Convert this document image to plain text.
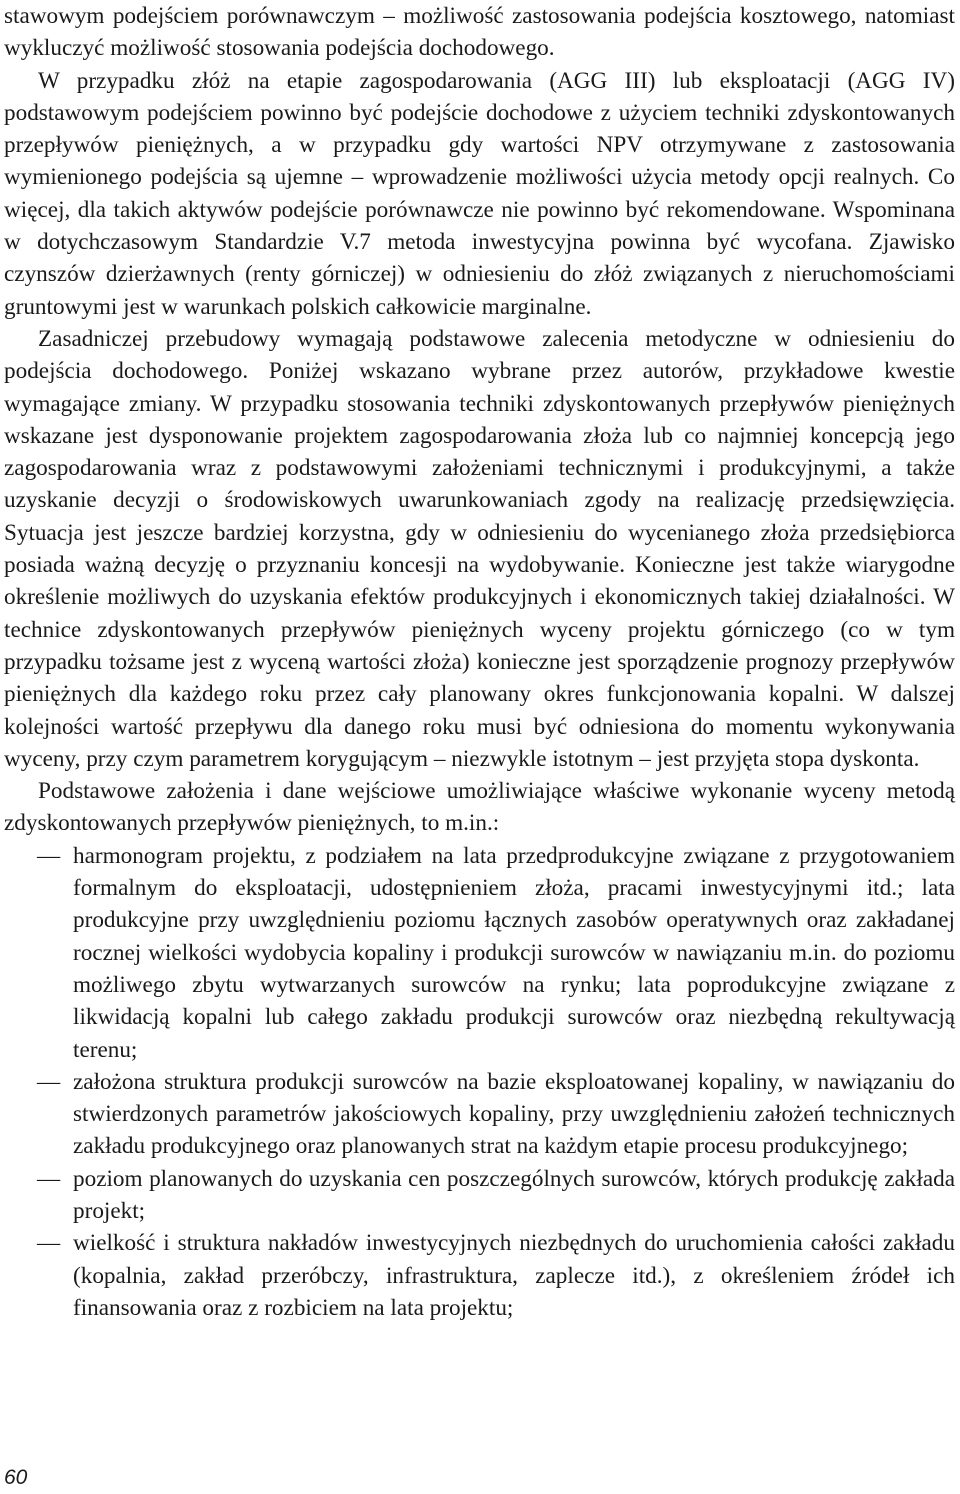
stawowym podejściem porównawczym – możliwość zastosowania podejścia kosztowego, natomiast wykluczyć możliwość stosowania podejścia dochodowego.

W przypadku złóż na etapie zagospodarowania (AGG III) lub eksploatacji (AGG IV) podstawowym podejściem powinno być podejście dochodowe z użyciem techniki zdyskontowanych przepływów pieniężnych, a w przypadku gdy wartości NPV otrzymywane z zastosowania wymienionego podejścia są ujemne – wprowadzenie możliwości użycia metody opcji realnych. Co więcej, dla takich aktywów podejście porównawcze nie powinno być rekomendowane. Wspominana w dotychczasowym Standardzie V.7 metoda inwestycyjna powinna być wycofana. Zjawisko czynszów dzierżawnych (renty górniczej) w odniesieniu do złóż związanych z nieruchomościami gruntowymi jest w warunkach polskich całkowicie marginalne.

Zasadniczej przebudowy wymagają podstawowe zalecenia metodyczne w odniesieniu do podejścia dochodowego. Poniżej wskazano wybrane przez autorów, przykładowe kwestie wymagające zmiany. W przypadku stosowania techniki zdyskontowanych przepływów pieniężnych wskazane jest dysponowanie projektem zagospodarowania złoża lub co najmniej koncepcją jego zagospodarowania wraz z podstawowymi założeniami technicznymi i produkcyjnymi, a także uzyskanie decyzji o środowiskowych uwarunkowaniach zgody na realizację przedsięwzięcia. Sytuacja jest jeszcze bardziej korzystna, gdy w odniesieniu do wycenianego złoża przedsiębiorca posiada ważną decyzję o przyznaniu koncesji na wydobywanie. Konieczne jest także wiarygodne określenie możliwych do uzyskania efektów produkcyjnych i ekonomicznych takiej działalności. W technice zdyskontowanych przepływów pieniężnych wyceny projektu górniczego (co w tym przypadku tożsame jest z wyceną wartości złoża) konieczne jest sporządzenie prognozy przepływów pieniężnych dla każdego roku przez cały planowany okres funkcjonowania kopalni. W dalszej kolejności wartość przepływu dla danego roku musi być odniesiona do momentu wykonywania wyceny, przy czym parametrem korygującym – niezwykle istotnym – jest przyjęta stopa dyskonta.

Podstawowe założenia i dane wejściowe umożliwiające właściwe wykonanie wyceny metodą zdyskontowanych przepływów pieniężnych, to m.in.:

— harmonogram projektu, z podziałem na lata przedprodukcyjne związane z przygotowaniem formalnym do eksploatacji, udostępnieniem złoża, pracami inwestycyjnymi itd.; lata produkcyjne przy uwzględnieniu poziomu łącznych zasobów operatywnych oraz zakładanej rocznej wielkości wydobycia kopaliny i produkcji surowców w nawiązaniu m.in. do poziomu możliwego zbytu wytwarzanych surowców na rynku; lata poprodukcyjne związane z likwidacją kopalni lub całego zakładu produkcji surowców oraz niezbędną rekultywacją terenu;
— założona struktura produkcji surowców na bazie eksploatowanej kopaliny, w nawiązaniu do stwierdzonych parametrów jakościowych kopaliny, przy uwzględnieniu założeń technicznych zakładu produkcyjnego oraz planowanych strat na każdym etapie procesu produkcyjnego;
— poziom planowanych do uzyskania cen poszczególnych surowców, których produkcję zakłada projekt;
— wielkość i struktura nakładów inwestycyjnych niezbędnych do uruchomienia całości zakładu (kopalnia, zakład przeróbczy, infrastruktura, zaplecze itd.), z określeniem źródeł ich finansowania oraz z rozbiciem na lata projektu;
60
